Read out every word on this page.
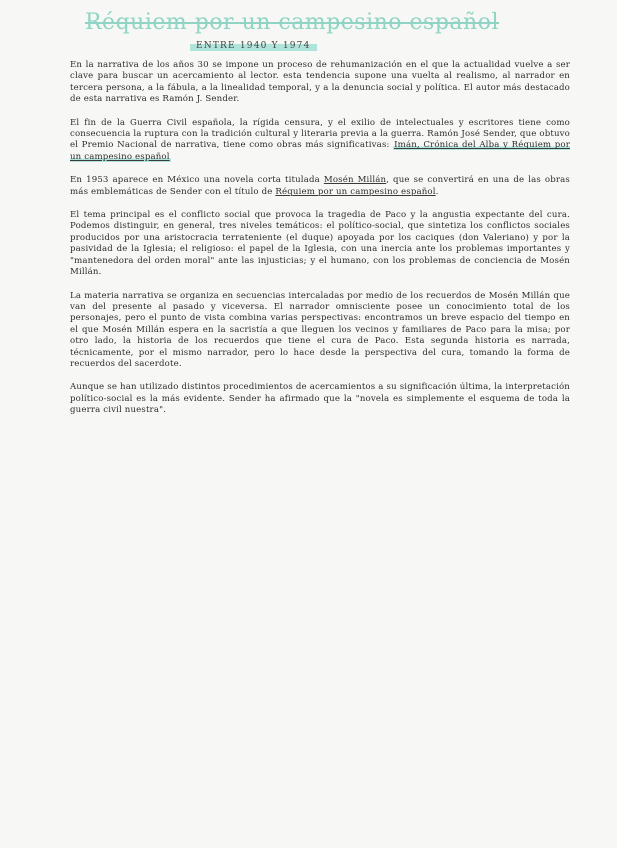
Réquiem por un campesino español
ENTRE 1940 Y 1974

En la narrativa de los años 30 se impone un proceso de rehumanización en el que la actualidad vuelve a ser clave para buscar un acercamiento al lector. esta tendencia supone una vuelta al realismo, al narrador en tercera persona, a la fábula, a la linealidad temporal, y a la denuncia social y política. El autor más destacado de esta narrativa es Ramón J. Sender.

El fin de la Guerra Civil española, la rígida censura, y el exilio de intelectuales y escritores tiene como consecuencia la ruptura con la tradición cultural y literaria previa a la guerra. Ramón José Sender, que obtuvo el Premio Nacional de narrativa, tiene como obras más significativas: Imán, Crónica del Alba y Réquiem por un campesino español

En 1953 aparece en México una novela corta titulada Mosén Millán, que se convertirá en una de las obras más emblemáticas de Sender con el título de Réquiem por un campesino español.

El tema principal es el conflicto social que provoca la tragedia de Paco y la angustia expectante del cura. Podemos distinguir, en general, tres niveles temáticos: el político-social, que sintetiza los conflictos sociales producidos por una aristocracia terrateniente (el duque) apoyada por los caciques (don Valeriano) y por la pasividad de la Iglesia; el religioso: el papel de la Iglesia, con una inercia ante los problemas importantes y "mantenedora del orden moral" ante las injusticias; y el humano, con los problemas de conciencia de Mosén Millán.

La materia narrativa se organiza en secuencias intercaladas por medio de los recuerdos de Mosén Millán que van del presente al pasado y viceversa. El narrador omnisciente posee un conocimiento total de los personajes, pero el punto de vista combina varias perspectivas: encontramos un breve espacio del tiempo en el que Mosén Millán espera en la sacristía a que lleguen los vecinos y familiares de Paco para la misa; por otro lado, la historia de los recuerdos que tiene el cura de Paco. Esta segunda historia es narrada, técnicamente, por el mismo narrador, pero lo hace desde la perspectiva del cura, tomando la forma de recuerdos del sacerdote.

Aunque se han utilizado distintos procedimientos de acercamientos a su significación última, la interpretación político-social es la más evidente. Sender ha afirmado que la "novela es simplemente el esquema de toda la guerra civil nuestra".
